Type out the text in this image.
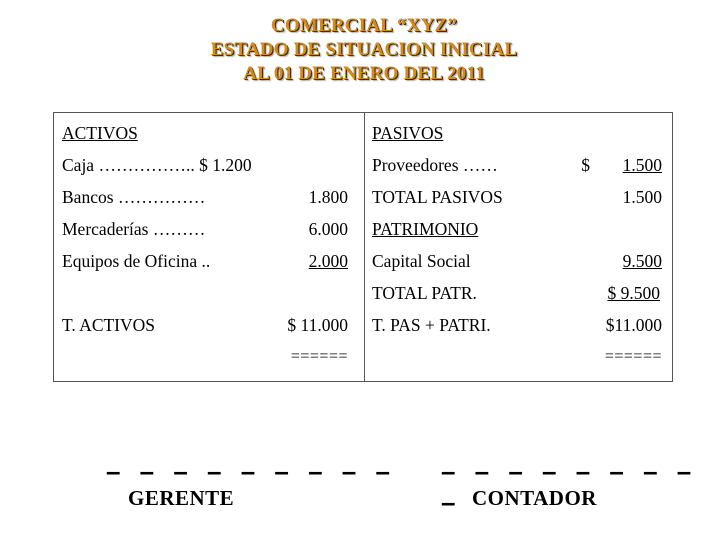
COMERCIAL “XYZ”
ESTADO DE SITUACION INICIAL
AL 01 DE ENERO DEL 2011
ACTIVOS
Caja …………….. $ 1.200
Bancos ……………	1.800
Mercaderías ………	6.000
Equipos de Oficina ..	2.000
T. ACTIVOS	$ 11.000
======
PASIVOS
Proveedores ……	$ 1.500
TOTAL PASIVOS	1.500
PATRIMONIO
Capital Social	9.500
TOTAL PATR.	$ 9.500
T. PAS + PATRI.	$11.000
======
– – – – – – – – – – – – – – – – – –
GERENTE	CONTADOR
